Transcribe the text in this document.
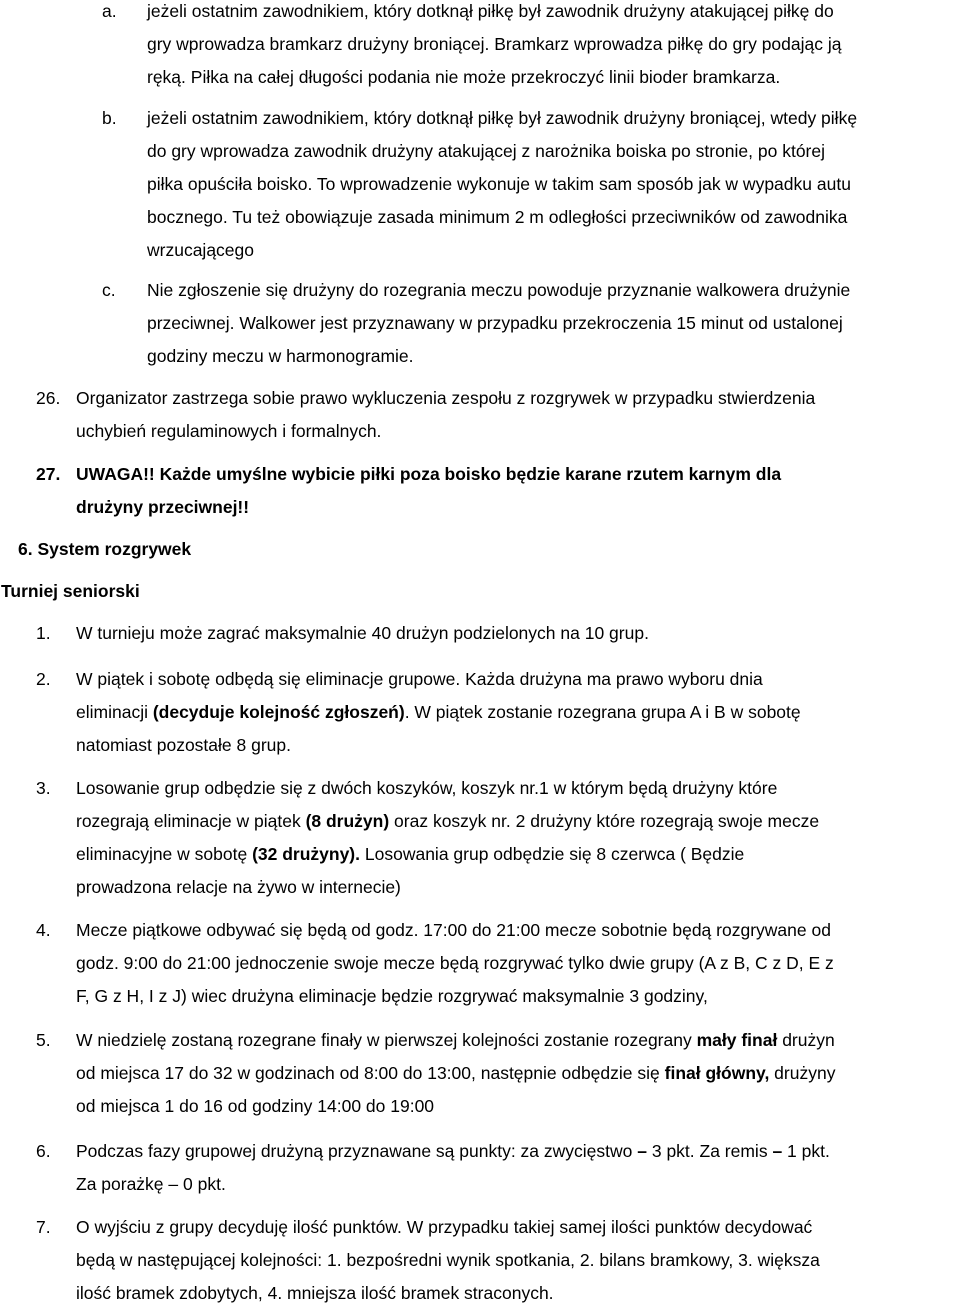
a. jeżeli ostatnim zawodnikiem, który dotknął piłkę był zawodnik drużyny atakującej piłkę do
gry wprowadza bramkarz drużyny broniącej. Bramkarz wprowadza piłkę do gry podając ją
ręką. Piłka na całej długości podania nie może przekroczyć linii bioder bramkarza.
b. jeżeli ostatnim zawodnikiem, który dotknął piłkę był zawodnik drużyny broniącej, wtedy piłkę
do gry wprowadza zawodnik drużyny atakującej z narożnika boiska po stronie, po której
piłka opuściła boisko. To wprowadzenie wykonuje w takim sam sposób jak w wypadku autu
bocznego. Tu też obowiązuje zasada minimum 2 m odległości przeciwników od zawodnika
wrzucającego
c. Nie zgłoszenie się drużyny do rozegrania meczu powoduje przyznanie walkowera drużynie
przeciwnej. Walkower jest przyznawany w przypadku przekroczenia 15 minut od ustalonej
godziny meczu w harmonogramie.
26. Organizator zastrzega sobie prawo wykluczenia zespołu z rozgrywek w przypadku stwierdzenia
uchybień regulaminowych i formalnych.
27. UWAGA!! Każde umyślne wybicie piłki poza boisko będzie karane rzutem karnym dla
drużyny przeciwnej!!
6. System rozgrywek
Turniej seniorski
1. W turnieju może zagrać maksymalnie 40 drużyn podzielonych na 10 grup.
2. W piątek i sobotę odbędą się eliminacje grupowe. Każda drużyna ma prawo wyboru dnia
eliminacji (decyduje kolejność zgłoszeń). W piątek zostanie rozegrana grupa A i B w sobotę
natomiast pozostałe 8 grup.
3. Losowanie grup odbędzie się z dwóch koszyków, koszyk nr.1 w którym będą drużyny które
rozegrają eliminacje w piątek (8 drużyn) oraz koszyk nr. 2 drużyny które rozegrają swoje mecze
eliminacyjne w sobotę (32 drużyny). Losowania grup odbędzie się 8 czerwca ( Będzie
prowadzona relacje na żywo w internecie)
4. Mecze piątkowe odbywać się będą od godz. 17:00 do 21:00 mecze sobotnie będą rozgrywane od
godz. 9:00 do 21:00 jednoczenie swoje mecze będą rozgrywać tylko dwie grupy (A z B, C z D, E z
F, G z H, I z J) wiec drużyna eliminacje będzie rozgrywać maksymalnie 3 godziny,
5. W niedzielę zostaną rozegrane finały w pierwszej kolejności zostanie rozegrany mały finał drużyn
od miejsca 17 do 32 w godzinach od 8:00 do 13:00, następnie odbędzie się finał główny, drużyny
od miejsca 1 do 16 od godziny 14:00 do 19:00
6. Podczas fazy grupowej drużyną przyznawane są punkty: za zwycięstwo – 3 pkt. Za remis – 1 pkt.
Za porażkę – 0 pkt.
7. O wyjściu z grupy decyduję ilość punktów. W przypadku takiej samej ilości punktów decydować
będą w następującej kolejności: 1. bezpośredni wynik spotkania, 2. bilans bramkowy, 3. większa
ilość bramek zdobytych, 4. mniejsza ilość bramek straconych.
